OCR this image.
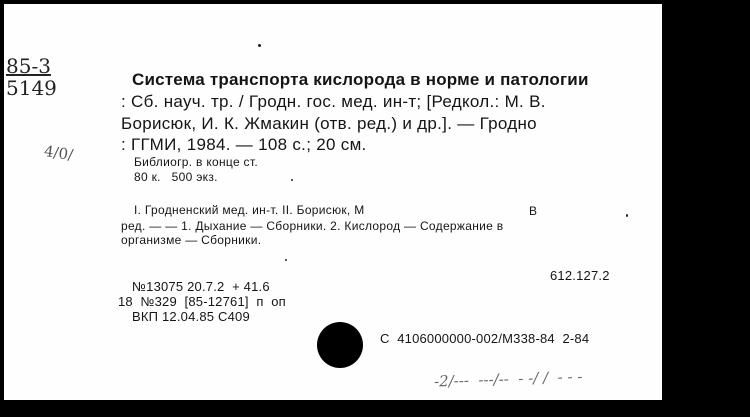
85-3
5149
4/0/
Система транспорта кислорода в норме и патологии
: Сб. науч. тр. / Гродн. гос. мед. ин-т; [Редкол.: М. В.
Борисюк, И. К. Жмакин (отв. ред.) и др.]. — Гродно
: ГГМИ, 1984. — 108 с.; 20 см.
Библиогр. в конце ст.
80 к.   500 экз.
I. Гродненский мед. ин-т. II. Борисюк, М	В
ред. — — 1. Дыхание — Сборники. 2. Кислород — Содержание в
организме — Сборники.
612.127.2
№13075 20.7.2  + 41.6
18  №329  [85-12761]  п  оп
ВКП 12.04.85 С409
С  4106000000-002/М338-84  2-84
-2/---  ---/--  - -/ /  - - -
